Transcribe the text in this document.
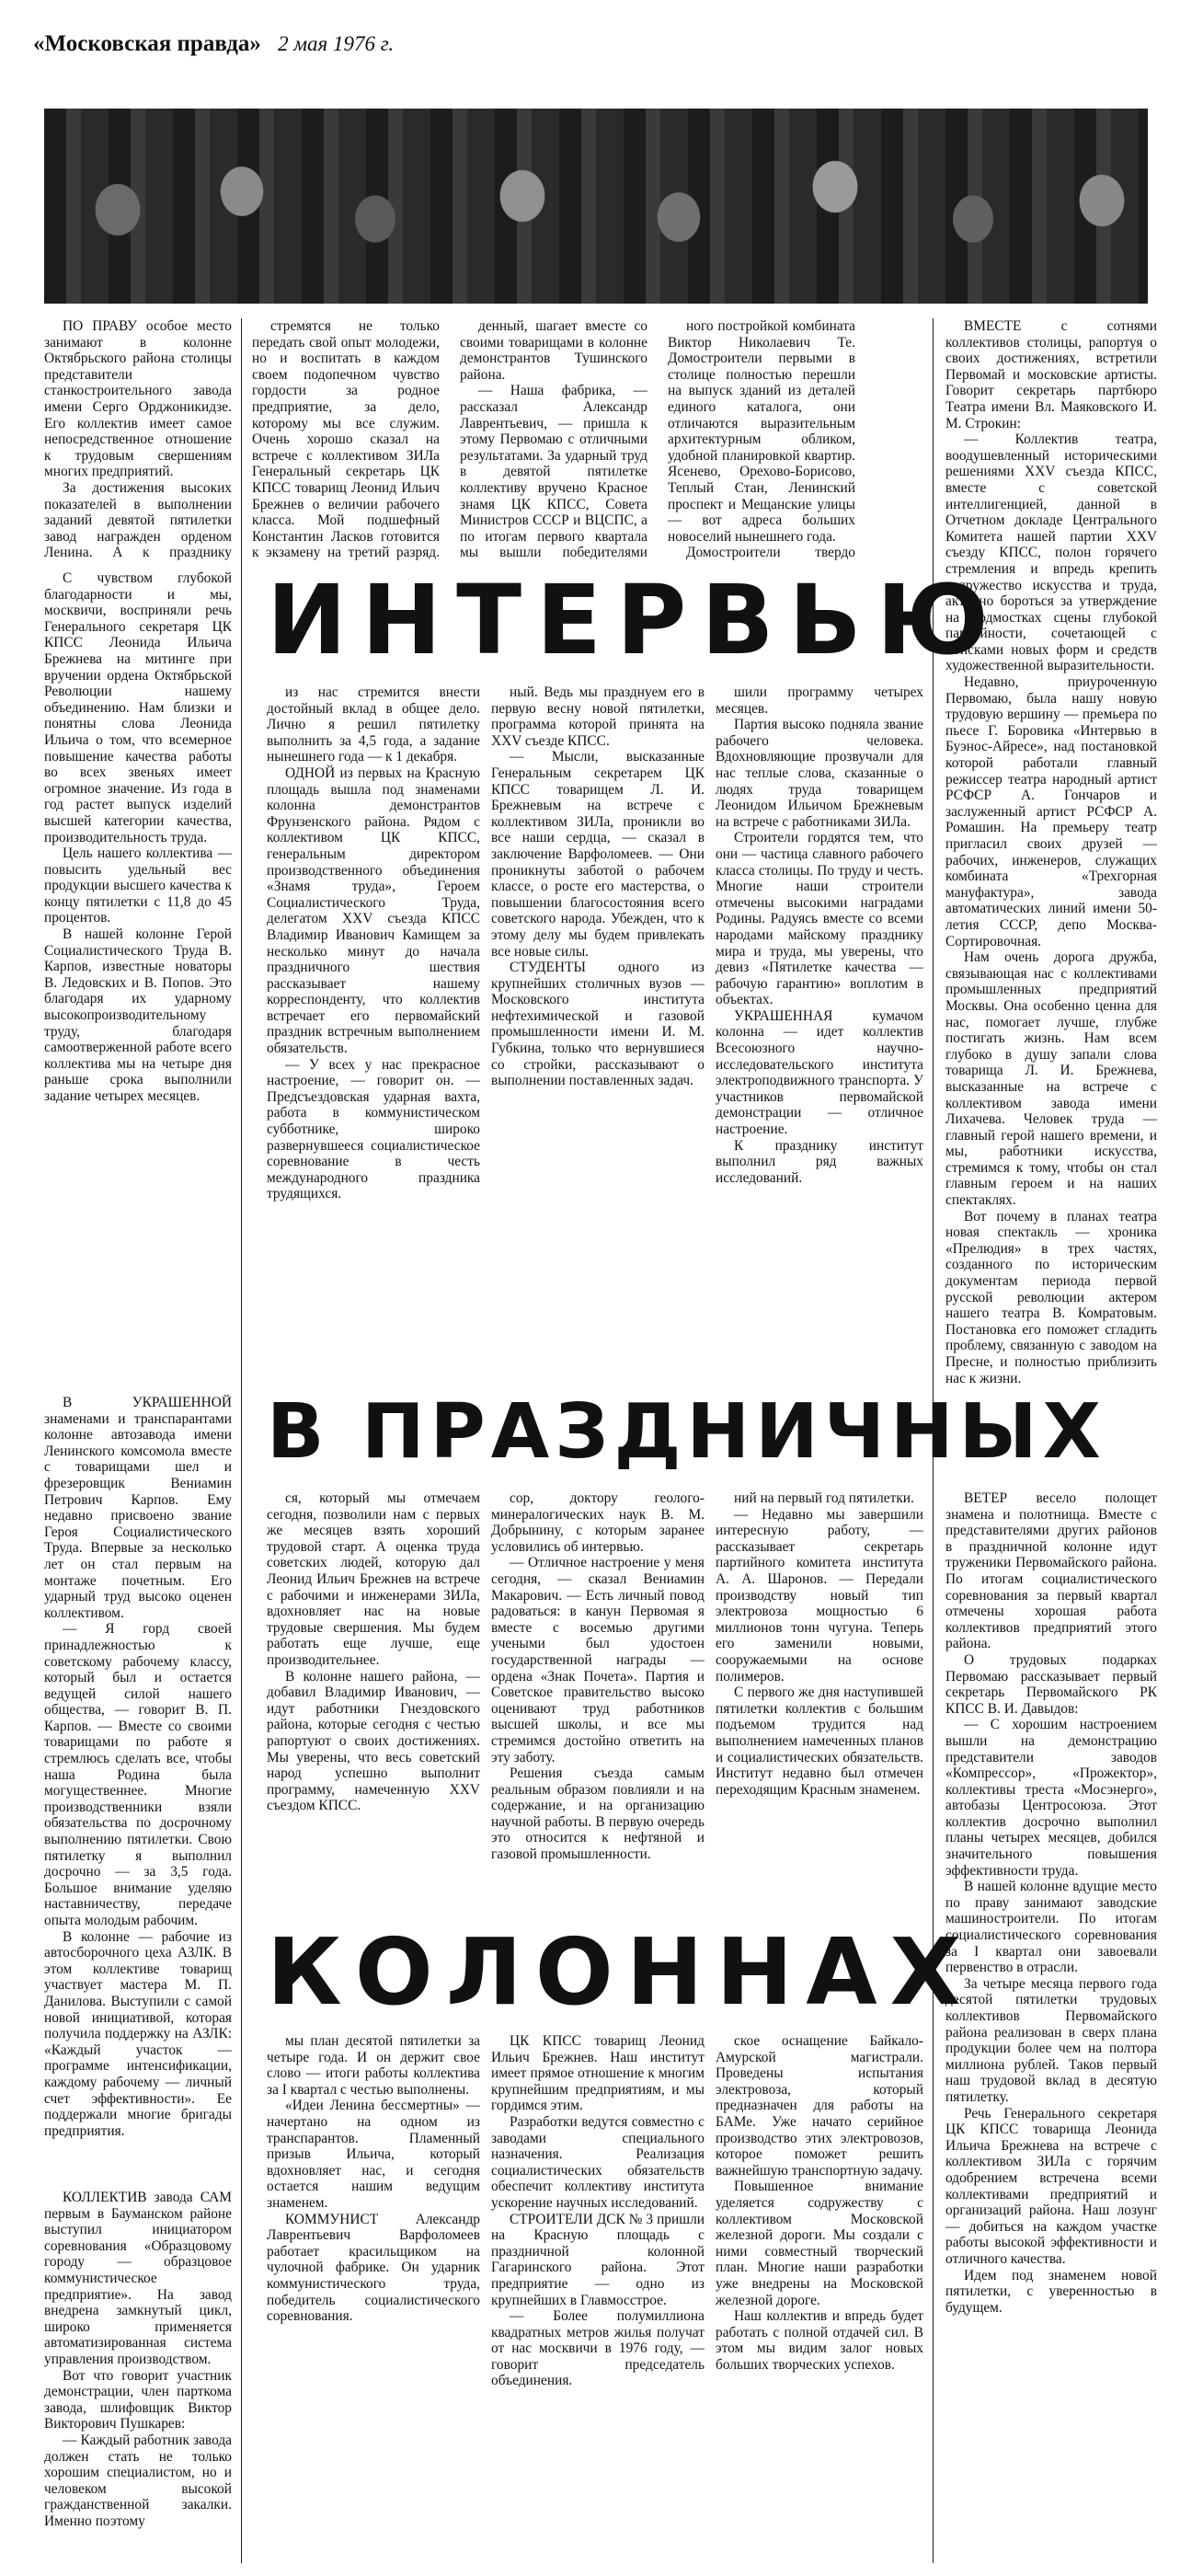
«Московская правда» 2 мая 1976 г.

ПО ПРАВУ особое место занимают в колонне Октябрьского района столицы представители станкостроительного завода имени Серго Орджоникидзе. Его коллектив имеет самое непосредственное отношение к трудовым свершениям многих предприятий.

За достижения высоких показателей в выполнении заданий девятой пятилетки завод награжден орденом Ленина. А к празднику

стремятся не только передать свой опыт молодежи, но и воспитать в каждом своем подопечном чувство гордости за родное предприятие, за дело, которому мы все служим. Очень хорошо сказал на встрече с коллективом ЗИЛа Генеральный секретарь ЦК КПСС товарищ Леонид Ильич Брежнев о величии рабочего класса. Мой подшефный Константин Ласков готовится к экзамену на третий разряд.

денный, шагает вместе со своими товарищами в колонне демонстрантов Тушинского района.

— Наша фабрика, — рассказал Александр Лаврентьевич, — пришла к этому Первомаю с отличными результатами. За ударный труд в девятой пятилетке коллективу вручено Красное знамя ЦК КПСС, Совета Министров СССР и ВЦСПС, а по итогам первого квартала мы вышли победителями

ного постройкой комбината Виктор Николаевич Те. Домостроители первыми в столице полностью перешли на выпуск зданий из деталей единого каталога, они отличаются выразительным архитектурным обликом, удобной планировкой квартир. Ясенево, Орехово-Борисово, Теплый Стан, Ленинский проспект и Мещанские улицы — вот адреса больших новоселий нынешнего года.

Домостроители твердо

ВМЕСТЕ с сотнями коллективов столицы, рапортуя о своих достижениях, встретили Первомай и московские артисты. Говорит секретарь партбюро Театра имени Вл. Маяковского И. М. Строкин:

— Коллектив театра, воодушевленный историческими решениями XXV съезда КПСС, вместе с советской интеллигенцией, данной в Отчетном докладе Центрального Комитета нашей партии XXV съезду КПСС, полон горячего стремления и впредь крепить содружество искусства и труда, активно бороться за утверждение на подмостках сцены глубокой партийности, сочетающей с поисками новых форм и средств художественной выразительности.

Недавно, приуроченную Первомаю, была нашу новую трудовую вершину — премьера по пьесе Г. Боровика «Интервью в Буэнос-Айресе», над постановкой которой работали главный режиссер театра народный артист РСФСР А. Гончаров и заслуженный артист РСФСР А. Ромашин. На премьеру театр пригласил своих друзей — рабочих, инженеров, служащих комбината «Трехгорная мануфактура», завода автоматических линий имени 50-летия СССР, депо Москва-Сортировочная.

Нам очень дорога дружба, связывающая нас с коллективами промышленных предприятий Москвы. Она особенно ценна для нас, помогает лучше, глубже постигать жизнь. Нам всем глубоко в душу запали слова товарища Л. И. Брежнева, высказанные на встрече с коллективом завода имени Лихачева. Человек труда — главный герой нашего времени, и мы, работники искусства, стремимся к тому, чтобы он стал главным героем и на наших спектаклях.

Вот почему в планах театра новая спектакль — хроника «Прелюдия» в трех частях, созданного по историческим документам периода первой русской революции актером нашего театра В. Комратовым. Постановка его поможет сгладить проблему, связанную с заводом на Пресне, и полностью приблизить нас к жизни.

ИНТЕРВЬЮ

С чувством глубокой благодарности и мы, москвичи, восприняли речь Генерального секретаря ЦК КПСС Леонида Ильича Брежнева на митинге при вручении ордена Октябрьской Революции нашему объединению. Нам близки и понятны слова Леонида Ильича о том, что всемерное повышение качества работы во всех звеньях имеет огромное значение. Из года в год растет выпуск изделий высшей категории качества, производительность труда.

Цель нашего коллектива — повысить удельный вес продукции высшего качества к концу пятилетки с 11,8 до 45 процентов.

В нашей колонне Герой Социалистического Труда В. Карпов, известные новаторы В. Ледовских и В. Попов. Это благодаря их ударному высокопроизводительному труду, благодаря самоотверженной работе всего коллектива мы на четыре дня раньше срока выполнили задание четырех месяцев.

из нас стремится внести достойный вклад в общее дело. Лично я решил пятилетку выполнить за 4,5 года, а задание нынешнего года — к 1 декабря.

ОДНОЙ из первых на Красную площадь вышла под знаменами колонна демонстрантов Фрунзенского района. Рядом с коллективом ЦК КПСС, генеральным директором производственного объединения «Знамя труда», Героем Социалистического Труда, делегатом XXV съезда КПСС Владимир Иванович Камищем за несколько минут до начала праздничного шествия рассказывает нашему корреспонденту, что коллектив встречает его первомайский праздник встречным выполнением обязательств.

— У всех у нас прекрасное настроение, — говорит он. — Предсъездовская ударная вахта, работа в коммунистическом субботнике, широко развернувшееся социалистическое соревнование в честь международного праздника трудящихся.

ный. Ведь мы празднуем его в первую весну новой пятилетки, программа которой принята на XXV съезде КПСС.

— Мысли, высказанные Генеральным секретарем ЦК КПСС товарищем Л. И. Брежневым на встрече с коллективом ЗИЛа, проникли во все наши сердца, — сказал в заключение Варфоломеев. — Они проникнуты заботой о рабочем классе, о росте его мастерства, о повышении благосостояния всего советского народа. Убежден, что к этому делу мы будем привлекать все новые силы.

СТУДЕНТЫ одного из крупнейших столичных вузов — Московского института нефтехимической и газовой промышленности имени И. М. Губкина, только что вернувшиеся со стройки, рассказывают о выполнении поставленных задач.

шили программу четырех месяцев.

Партия высоко подняла звание рабочего человека. Вдохновляющие прозвучали для нас теплые слова, сказанные о людях труда товарищем Леонидом Ильичом Брежневым на встрече с работниками ЗИЛа.

Строители гордятся тем, что они — частица славного рабочего класса столицы. По труду и честь. Многие наши строители отмечены высокими наградами Родины. Радуясь вместе со всеми народами майскому празднику мира и труда, мы уверены, что девиз «Пятилетке качества — рабочую гарантию» воплотим в объектах.

УКРАШЕННАЯ кумачом колонна — идет коллектив Всесоюзного научно-исследовательского института электроподвижного транспорта. У участников первомайской демонстрации — отличное настроение.

К празднику институт выполнил ряд важных исследований.

В ПРАЗДНИЧНЫХ

В УКРАШЕННОЙ знаменами и транспарантами колонне автозавода имени Ленинского комсомола вместе с товарищами шел и фрезеровщик Вениамин Петрович Карпов. Ему недавно присвоено звание Героя Социалистического Труда. Впервые за несколько лет он стал первым на монтаже почетным. Его ударный труд высоко оценен коллективом.

— Я горд своей принадлежностью к советскому рабочему классу, который был и остается ведущей силой нашего общества, — говорит В. П. Карпов. — Вместе со своими товарищами по работе я стремлюсь сделать все, чтобы наша Родина была могущественнее. Многие производственники взяли обязательства по досрочному выполнению пятилетки. Свою пятилетку я выполнил досрочно — за 3,5 года. Большое внимание уделяю наставничеству, передаче опыта молодым рабочим.

В колонне — рабочие из автосборочного цеха АЗЛК. В этом коллективе товарищ участвует мастера М. П. Данилова. Выступили с самой новой инициативой, которая получила поддержку на АЗЛК: «Каждый участок — программе интенсификации, каждому рабочему — личный счет эффективности». Ее поддержали многие бригады предприятия.

ся, который мы отмечаем сегодня, позволили нам с первых же месяцев взять хороший трудовой старт. А оценка труда советских людей, которую дал Леонид Ильич Брежнев на встрече с рабочими и инженерами ЗИЛа, вдохновляет нас на новые трудовые свершения. Мы будем работать еще лучше, еще производительнее.

В колонне нашего района, — добавил Владимир Иванович, — идут работники Гнездовского района, которые сегодня с честью рапортуют о своих достижениях. Мы уверены, что весь советский народ успешно выполнит программу, намеченную XXV съездом КПСС.

сор, доктору геолого-минералогических наук В. М. Добрынину, с которым заранее условились об интервью.

— Отличное настроение у меня сегодня, — сказал Вениамин Макарович. — Есть личный повод радоваться: в канун Первомая я вместе с восемью другими учеными был удостоен государственной награды — ордена «Знак Почета». Партия и Советское правительство высоко оценивают труд работников высшей школы, и все мы стремимся достойно ответить на эту заботу.

Решения съезда самым реальным образом повлияли и на содержание, и на организацию научной работы. В первую очередь это относится к нефтяной и газовой промышленности.

ний на первый год пятилетки.

— Недавно мы завершили интересную работу, — рассказывает секретарь партийного комитета института А. А. Шаронов. — Передали производству новый тип электровоза мощностью 6 миллионов тонн чугуна. Теперь его заменили новыми, сооружаемыми на основе полимеров.

С первого же дня наступившей пятилетки коллектив с большим подъемом трудится над выполнением намеченных планов и социалистических обязательств. Институт недавно был отмечен переходящим Красным знаменем.

ВЕТЕР весело полощет знамена и полотнища. Вместе с представителями других районов в праздничной колонне идут труженики Первомайского района. По итогам социалистического соревнования за первый квартал отмечены хорошая работа коллективов предприятий этого района.

О трудовых подарках Первомаю рассказывает первый секретарь Первомайского РК КПСС В. И. Давыдов:

— С хорошим настроением вышли на демонстрацию представители заводов «Компрессор», «Прожектор», коллективы треста «Мосэнерго», автобазы Центросоюза. Этот коллектив досрочно выполнил планы четырех месяцев, добился значительного повышения эффективности труда.

В нашей колонне вдущие место по праву занимают заводские машиностроители. По итогам социалистического соревнования за I квартал они завоевали первенство в отрасли.

За четыре месяца первого года десятой пятилетки трудовых коллективов Первомайского района реализован в сверх плана продукции более чем на полтора миллиона рублей. Таков первый наш трудовой вклад в десятую пятилетку.

Речь Генерального секретаря ЦК КПСС товарища Леонида Ильича Брежнева на встрече с коллективом ЗИЛа с горячим одобрением встречена всеми коллективами предприятий и организаций района. Наш лозунг — добиться на каждом участке работы высокой эффективности и отличного качества.

Идем под знаменем новой пятилетки, с уверенностью в будущем.

КОЛОННАХ

КОЛЛЕКТИВ завода САМ первым в Бауманском районе выступил инициатором соревнования «Образцовому городу — образцовое коммунистическое предприятие». На завод внедрена замкнутый цикл, широко применяется автоматизированная система управления производством.

Вот что говорит участник демонстрации, член парткома завода, шлифовщик Виктор Викторович Пушкарев:

— Каждый работник завода должен стать не только хорошим специалистом, но и человеком высокой гражданственной закалки. Именно поэтому

мы план десятой пятилетки за четыре года. И он держит свое слово — итоги работы коллектива за I квартал с честью выполнены.

«Идеи Ленина бессмертны» — начертано на одном из транспарантов. Пламенный призыв Ильича, который вдохновляет нас, и сегодня остается нашим ведущим знаменем.

КОММУНИСТ Александр Лаврентьевич Варфоломеев работает красильщиком на чулочной фабрике. Он ударник коммунистического труда, победитель социалистического соревнования.

ЦК КПСС товарищ Леонид Ильич Брежнев. Наш институт имеет прямое отношение к многим крупнейшим предприятиям, и мы гордимся этим.

Разработки ведутся совместно с заводами специального назначения. Реализация социалистических обязательств обеспечит коллективу института ускорение научных исследований.

СТРОИТЕЛИ ДСК № 3 пришли на Красную площадь с праздничной колонной Гагаринского района. Этот предприятие — одно из крупнейших в Главмосстрое.

— Более полумиллиона квадратных метров жилья получат от нас москвичи в 1976 году, — говорит председатель объединения.

ское оснащение Байкало-Амурской магистрали. Проведены испытания электровоза, который предназначен для работы на БАМе. Уже начато серийное производство этих электровозов, которое поможет решить важнейшую транспортную задачу.

Повышенное внимание уделяется содружеству с коллективом Московской железной дороги. Мы создали с ними совместный творческий план. Многие наши разработки уже внедрены на Московской железной дороге.

Наш коллектив и впредь будет работать с полной отдачей сил. В этом мы видим залог новых больших творческих успехов.
